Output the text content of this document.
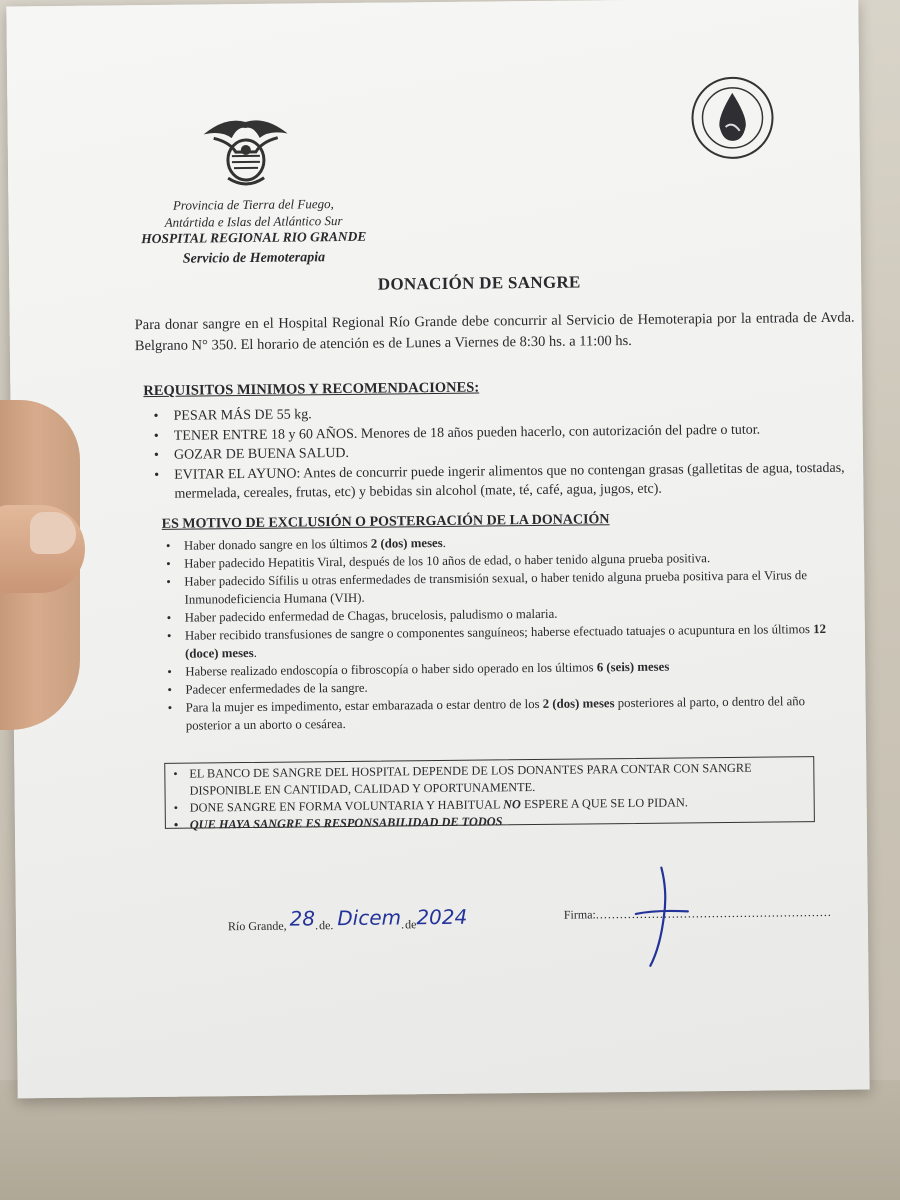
Provincia de Tierra del Fuego,
Antártida e Islas del Atlántico Sur
HOSPITAL REGIONAL RIO GRANDE
Servicio de Hemoterapia
DONACIÓN DE SANGRE
Para donar sangre en el Hospital Regional Río Grande debe concurrir al Servicio de Hemoterapia por la entrada de Avda. Belgrano N° 350. El horario de atención es de Lunes a Viernes de 8:30 hs. a 11:00 hs.
REQUISITOS MINIMOS Y RECOMENDACIONES:
• PESAR MÁS DE 55 kg.
• TENER ENTRE 18 y 60 AÑOS. Menores de 18 años pueden hacerlo, con autorización del padre o tutor.
• GOZAR DE BUENA SALUD.
• EVITAR EL AYUNO: Antes de concurrir puede ingerir alimentos que no contengan grasas (galletitas de agua, tostadas, mermelada, cereales, frutas, etc) y bebidas sin alcohol (mate, té, café, agua, jugos, etc).
ES MOTIVO DE EXCLUSIÓN O POSTERGACIÓN DE LA DONACIÓN
• Haber donado sangre en los últimos 2 (dos) meses.
• Haber padecido Hepatitis Viral, después de los 10 años de edad, o haber tenido alguna prueba positiva.
• Haber padecido Sífilis u otras enfermedades de transmisión sexual, o haber tenido alguna prueba positiva para el Virus de Inmunodeficiencia Humana (VIH).
• Haber padecido enfermedad de Chagas, brucelosis, paludismo o malaria.
• Haber recibido transfusiones de sangre o componentes sanguíneos; haberse efectuado tatuajes o acupuntura en los últimos 12 (doce) meses.
• Haberse realizado endoscopía o fibroscopía o haber sido operado en los últimos 6 (seis) meses
• Padecer enfermedades de la sangre.
• Para la mujer es impedimento, estar embarazada o estar dentro de los 2 (dos) meses posteriores al parto, o dentro del año posterior a un aborto o cesárea.
• EL BANCO DE SANGRE DEL HOSPITAL DEPENDE DE LOS DONANTES PARA CONTAR CON SANGRE DISPONIBLE EN CANTIDAD, CALIDAD Y OPORTUNAMENTE.
• DONE SANGRE EN FORMA VOLUNTARIA Y HABITUAL NO ESPERE A QUE SE LO PIDAN.
• QUE HAYA SANGRE ES RESPONSABILIDAD DE TODOS
Río Grande, 28.de. Dicem.de2024	Firma:...........................................................
